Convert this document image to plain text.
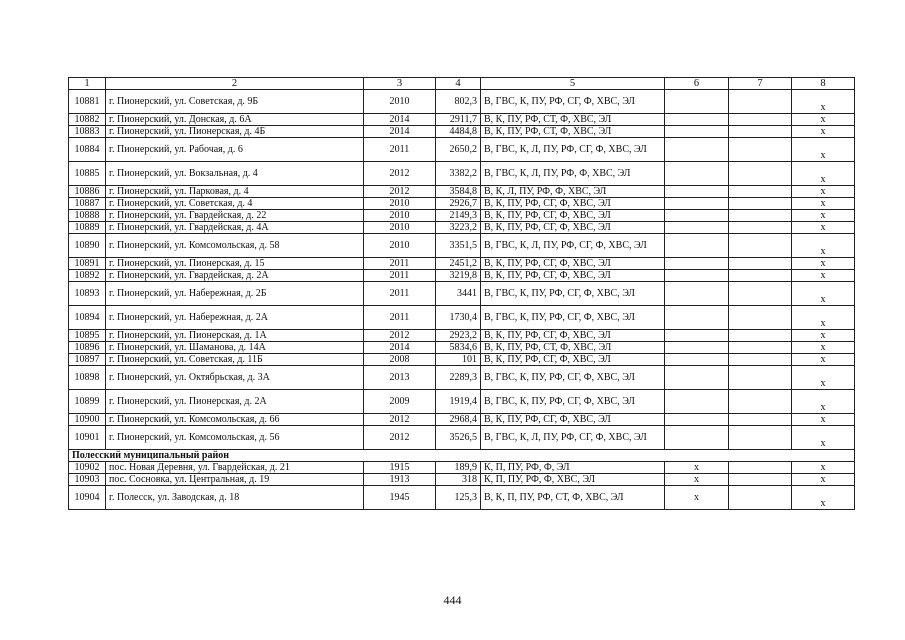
1	2	3	4	5	6	7	8
10881	г. Пионерский, ул. Советская, д. 9Б	2010	802,3	В, ГВС, К, ПУ, РФ, СГ, Ф, ХВС, ЭЛ			x
10882	г. Пионерский, ул. Донская, д. 6А	2014	2911,7	В, К, ПУ, РФ, СТ, Ф, ХВС, ЭЛ			x
10883	г. Пионерский, ул. Пионерская, д. 4Б	2014	4484,8	В, К, ПУ, РФ, СТ, Ф, ХВС, ЭЛ			x
10884	г. Пионерский, ул. Рабочая, д. 6	2011	2650,2	В, ГВС, К, Л, ПУ, РФ, СГ, Ф, ХВС, ЭЛ			x
10885	г. Пионерский, ул. Вокзальная, д. 4	2012	3382,2	В, ГВС, К, Л, ПУ, РФ, Ф, ХВС, ЭЛ			x
10886	г. Пионерский, ул. Парковая, д. 4	2012	3584,8	В, К, Л, ПУ, РФ, Ф, ХВС, ЭЛ			x
10887	г. Пионерский, ул. Советская, д. 4	2010	2926,7	В, К, ПУ, РФ, СГ, Ф, ХВС, ЭЛ			x
10888	г. Пионерский, ул. Гвардейская, д. 22	2010	2149,3	В, К, ПУ, РФ, СГ, Ф, ХВС, ЭЛ			x
10889	г. Пионерский, ул. Гвардейская, д. 4А	2010	3223,2	В, К, ПУ, РФ, СГ, Ф, ХВС, ЭЛ			x
10890	г. Пионерский, ул. Комсомольская, д. 58	2010	3351,5	В, ГВС, К, Л, ПУ, РФ, СГ, Ф, ХВС, ЭЛ			x
10891	г. Пионерский, ул. Пионерская, д. 15	2011	2451,2	В, К, ПУ, РФ, СГ, Ф, ХВС, ЭЛ			x
10892	г. Пионерский, ул. Гвардейская, д. 2А	2011	3219,8	В, К, ПУ, РФ, СГ, Ф, ХВС, ЭЛ			x
10893	г. Пионерский, ул. Набережная, д. 2Б	2011	3441	В, ГВС, К, ПУ, РФ, СГ, Ф, ХВС, ЭЛ			x
10894	г. Пионерский, ул. Набережная, д. 2А	2011	1730,4	В, ГВС, К, ПУ, РФ, СГ, Ф, ХВС, ЭЛ			x
10895	г. Пионерский, ул. Пионерская, д. 1А	2012	2923,2	В, К, ПУ, РФ, СГ, Ф, ХВС, ЭЛ			x
10896	г. Пионерский, ул. Шаманова, д. 14А	2014	5834,6	В, К, ПУ, РФ, СТ, Ф, ХВС, ЭЛ			x
10897	г. Пионерский, ул. Советская, д. 11Б	2008	101	В, К, ПУ, РФ, СГ, Ф, ХВС, ЭЛ			x
10898	г. Пионерский, ул. Октябрьская, д. 3А	2013	2289,3	В, ГВС, К, ПУ, РФ, СГ, Ф, ХВС, ЭЛ			x
10899	г. Пионерский, ул. Пионерская, д. 2А	2009	1919,4	В, ГВС, К, ПУ, РФ, СГ, Ф, ХВС, ЭЛ			x
10900	г. Пионерский, ул. Комсомольская, д. 66	2012	2968,4	В, К, ПУ, РФ, СГ, Ф, ХВС, ЭЛ			x
10901	г. Пионерский, ул. Комсомольская, д. 56	2012	3526,5	В, ГВС, К, Л, ПУ, РФ, СГ, Ф, ХВС, ЭЛ			x
Полесский муниципальный район							
10902	пос. Новая Деревня, ул. Гвардейская, д. 21	1915	189,9	К, П, ПУ, РФ, Ф, ЭЛ	x		x
10903	пос. Сосновка, ул. Центральная, д. 19	1913	318	К, П, ПУ, РФ, Ф, ХВС, ЭЛ	x		x
10904	г. Полесск, ул. Заводская, д. 18	1945	125,3	В, К, П, ПУ, РФ, СТ, Ф, ХВС, ЭЛ	x		x
444
